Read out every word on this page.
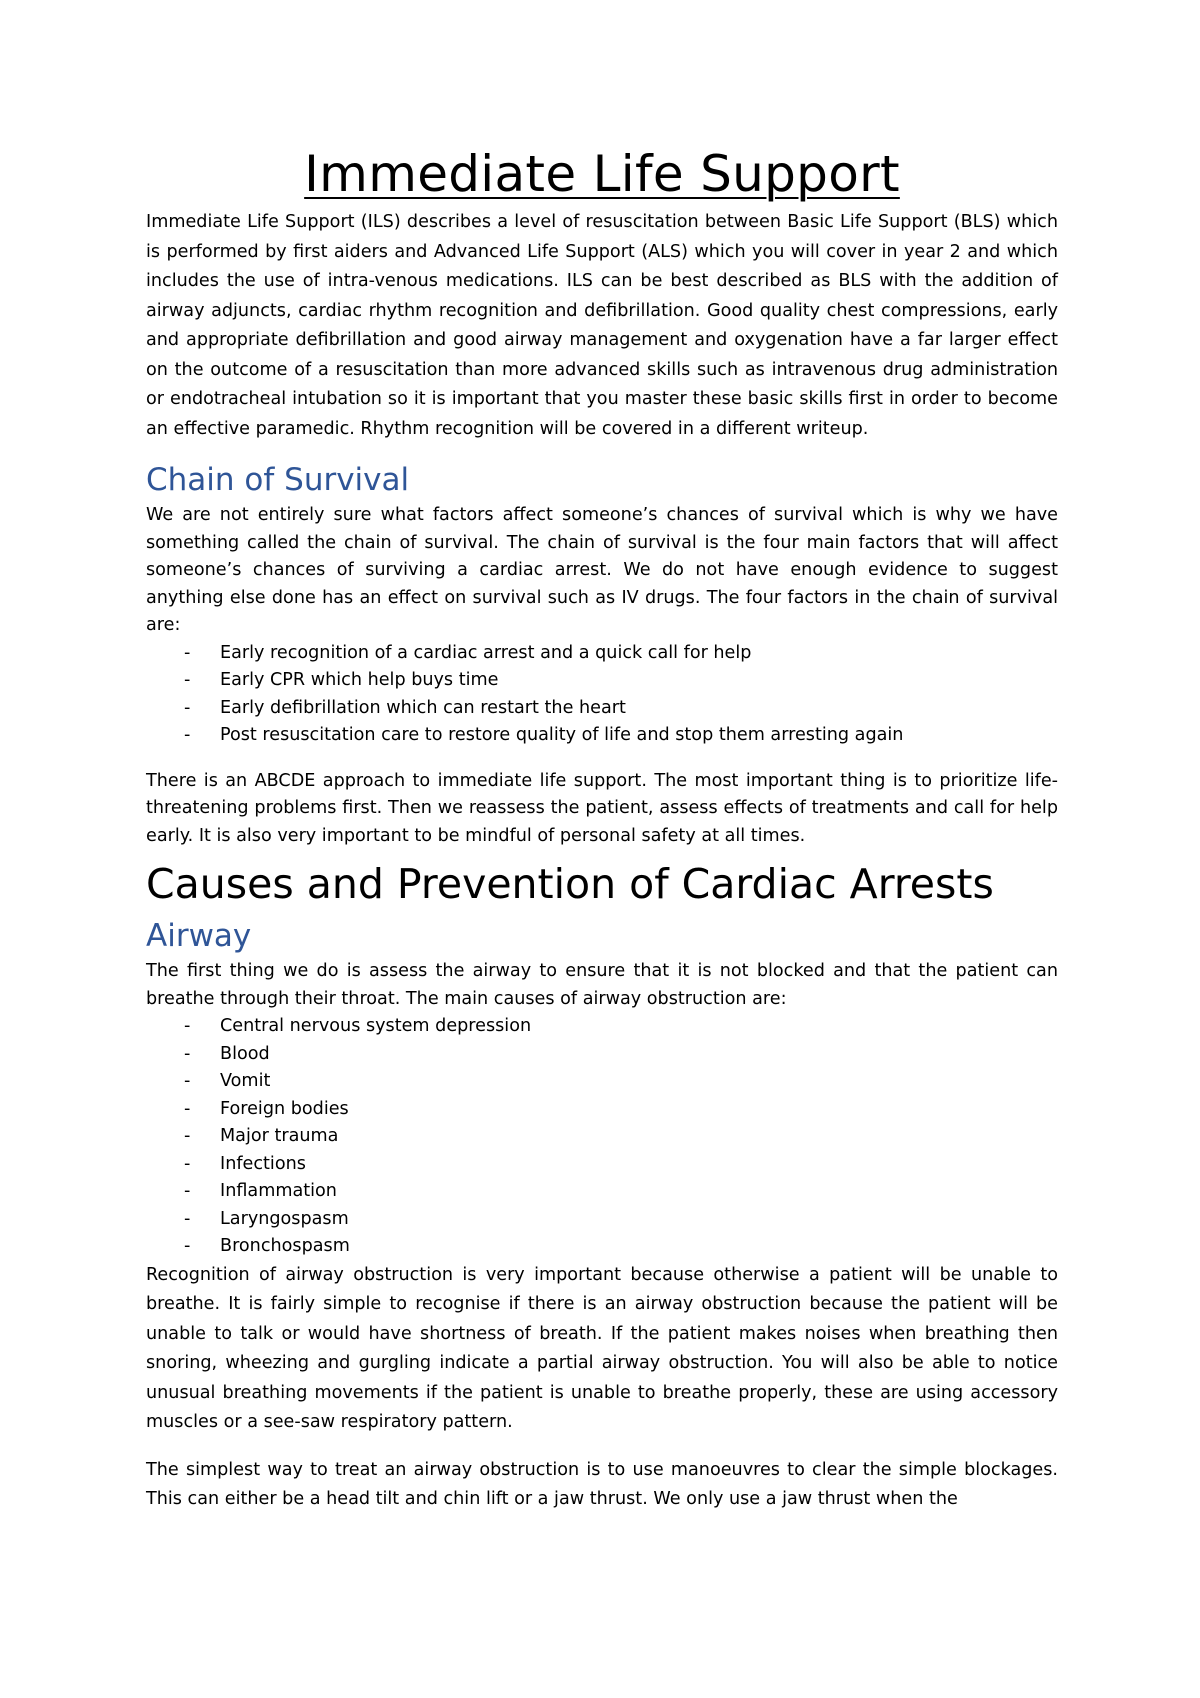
Immediate Life Support

Immediate Life Support (ILS) describes a level of resuscitation between Basic Life Support (BLS) which is performed by first aiders and Advanced Life Support (ALS) which you will cover in year 2 and which includes the use of intra-venous medications. ILS can be best described as BLS with the addition of airway adjuncts, cardiac rhythm recognition and defibrillation. Good quality chest compressions, early and appropriate defibrillation and good airway management and oxygenation have a far larger effect on the outcome of a resuscitation than more advanced skills such as intravenous drug administration or endotracheal intubation so it is important that you master these basic skills first in order to become an effective paramedic. Rhythm recognition will be covered in a different writeup.

Chain of Survival

We are not entirely sure what factors affect someone’s chances of survival which is why we have something called the chain of survival. The chain of survival is the four main factors that will affect someone’s chances of surviving a cardiac arrest. We do not have enough evidence to suggest anything else done has an effect on survival such as IV drugs. The four factors in the chain of survival are:

- Early recognition of a cardiac arrest and a quick call for help
- Early CPR which help buys time
- Early defibrillation which can restart the heart
- Post resuscitation care to restore quality of life and stop them arresting again

There is an ABCDE approach to immediate life support. The most important thing is to prioritize life-threatening problems first. Then we reassess the patient, assess effects of treatments and call for help early. It is also very important to be mindful of personal safety at all times.

Causes and Prevention of Cardiac Arrests
Airway

The first thing we do is assess the airway to ensure that it is not blocked and that the patient can breathe through their throat. The main causes of airway obstruction are:

- Central nervous system depression
- Blood
- Vomit
- Foreign bodies
- Major trauma
- Infections
- Inflammation
- Laryngospasm
- Bronchospasm

Recognition of airway obstruction is very important because otherwise a patient will be unable to breathe. It is fairly simple to recognise if there is an airway obstruction because the patient will be unable to talk or would have shortness of breath. If the patient makes noises when breathing then snoring, wheezing and gurgling indicate a partial airway obstruction. You will also be able to notice unusual breathing movements if the patient is unable to breathe properly, these are using accessory muscles or a see-saw respiratory pattern.

The simplest way to treat an airway obstruction is to use manoeuvres to clear the simple blockages. This can either be a head tilt and chin lift or a jaw thrust. We only use a jaw thrust when the
